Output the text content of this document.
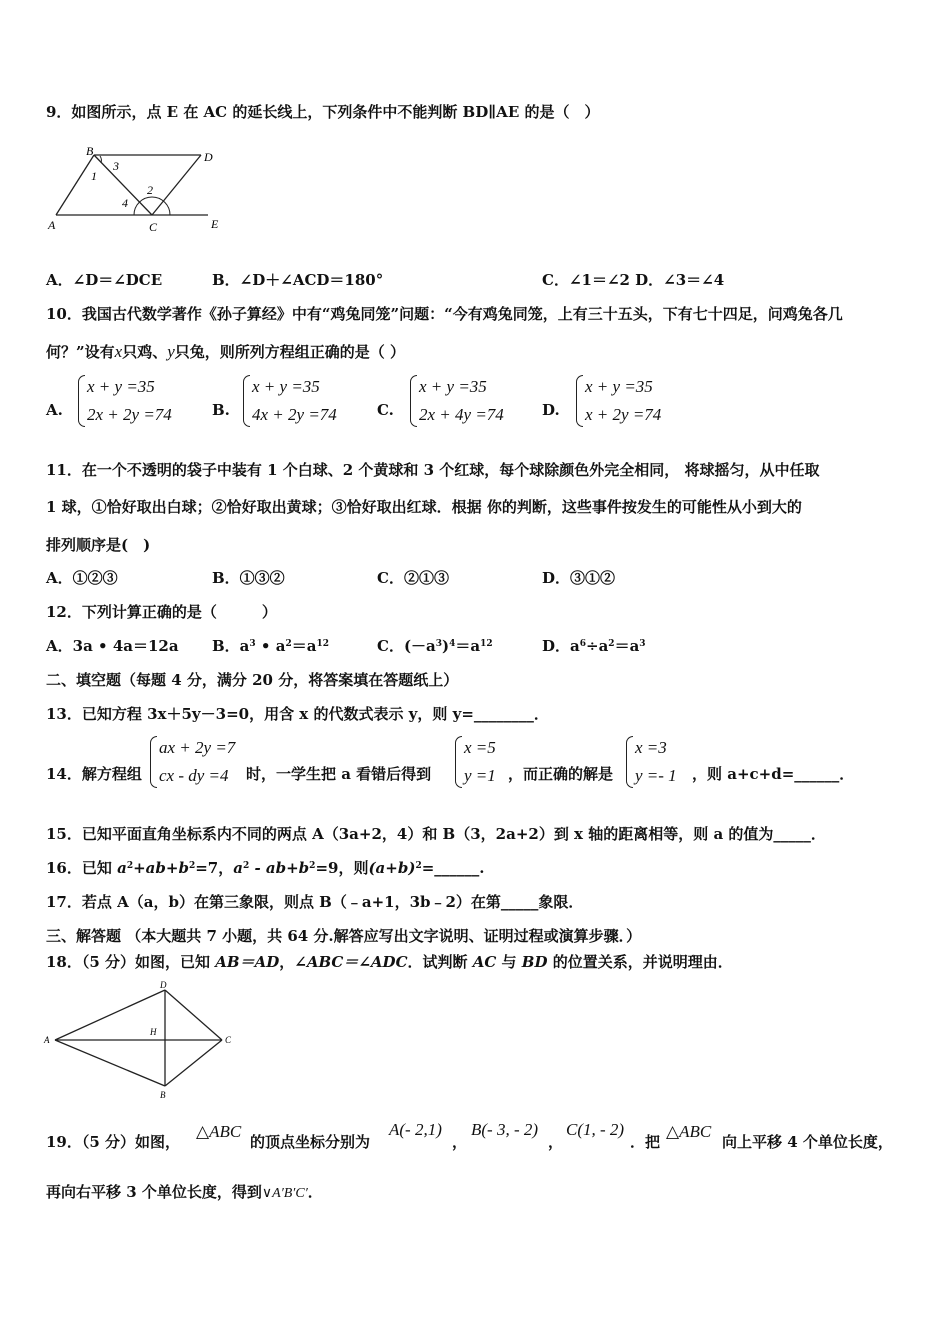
9．如图所示，点 E 在 AC 的延长线上，下列条件中不能判断 BD∥AE 的是（　）
B	D
A	C	E
1
3
2
4
A．∠D＝∠DCE	B．∠D＋∠ACD＝180°	C．∠1＝∠2 D．∠3＝∠4
10．我国古代数学著作《孙子算经》中有“鸡兔同笼”问题：“今有鸡兔同笼，上有三十五头，下有七十四足，问鸡兔各几
何？”设有x只鸡、y只兔，则所列方程组正确的是（ ）
A.
x + y =35
2x + 2y =74	B.
x + y =35
4x + 2y =74	C.
x + y =35
2x + 4y =74	D.
x + y =35
x + 2y =74
11．在一个不透明的袋子中装有 1 个白球、2 个黄球和 3 个红球，每个球除颜色外完全相同， 将球摇匀，从中任取
1 球，①恰好取出白球；②恰好取出黄球；③恰好取出红球．根据 你的判断，这些事件按发生的可能性从小到大的
排列顺序是(　)
A．①②③	B．①③②	C．②①③	D．③①②
12．下列计算正确的是（　　　）
A．3a • 4a＝12a B．$a^3$ • $a^2=a^{12}$	C．$(-a^3)^4=a^{12}$	D．$a^6\div a^2=a^3$
二、填空题（每题 4 分，满分 20 分，将答案填在答题纸上）
13．已知方程 3x＋5y－3=0，用含 x 的代数式表示 y，则 y=________．
14．解方程组
ax + 2y =7
cx - dy =4	时，一学生把 a 看错后得到
x =5
y =1 ，而正确的解是
x =3
y =- 1 ，则 a+c+d=______．
15．已知平面直角坐标系内不同的两点 A（3a+2，4）和 B（3，2a+2）到 x 轴的距离相等，则 a 的值为_____．
16．已知 $a^2+ab+b^2=7$，$a^2 - ab+b^2=9$，则$(a+b)^2=\_\_\_\_\_\_$.
17．若点 A（a，b）在第三象限，则点 B（﹣a+1，3b﹣2）在第_____象限．
三、解答题 （本大题共 7 小题，共 64 分.解答应写出文字说明、证明过程或演算步骤．）
18．（5 分）如图，已知 AB＝AD，∠ABC＝∠ADC．试判断 AC 与 BD 的位置关系，并说明理由．
D
A	C
H
B
19．（5 分）如图，
△ABC
的顶点坐标分别为
A(- 2,1)
，
B(- 3, - 2)
，
C(1, - 2)
．把
△ABC
向上平移 4 个单位长度，
再向右平移 3 个单位长度，得到∨A′B′C′．
